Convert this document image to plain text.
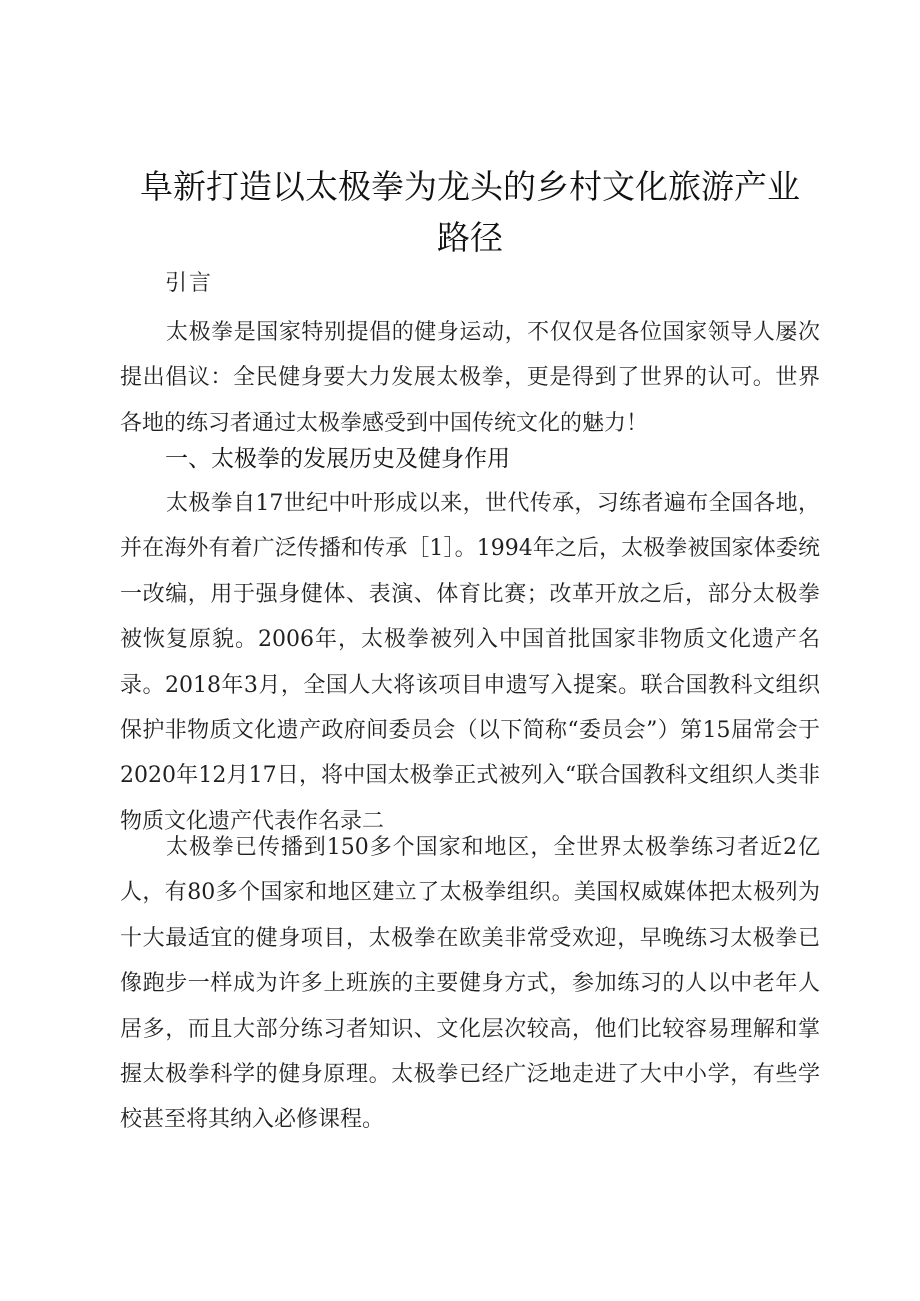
阜新打造以太极拳为龙头的乡村文化旅游产业
路径
引言

太极拳是国家特别提倡的健身运动，不仅仅是各位国家领导人屡次提出倡议：全民健身要大力发展太极拳，更是得到了世界的认可。世界各地的练习者通过太极拳感受到中国传统文化的魅力！

一、太极拳的发展历史及健身作用

太极拳自17世纪中叶形成以来，世代传承，习练者遍布全国各地，并在海外有着广泛传播和传承［1］。1994年之后，太极拳被国家体委统一改编，用于强身健体、表演、体育比赛；改革开放之后，部分太极拳被恢复原貌。2006年，太极拳被列入中国首批国家非物质文化遗产名录。2018年3月，全国人大将该项目申遗写入提案。联合国教科文组织保护非物质文化遗产政府间委员会（以下简称“委员会”）第15届常会于2020年12月17日，将中国太极拳正式被列入“联合国教科文组织人类非物质文化遗产代表作名录二

太极拳已传播到150多个国家和地区，全世界太极拳练习者近2亿人，有80多个国家和地区建立了太极拳组织。美国权威媒体把太极列为十大最适宜的健身项目，太极拳在欧美非常受欢迎，早晚练习太极拳已像跑步一样成为许多上班族的主要健身方式，参加练习的人以中老年人居多，而且大部分练习者知识、文化层次较高，他们比较容易理解和掌握太极拳科学的健身原理。太极拳已经广泛地走进了大中小学，有些学校甚至将其纳入必修课程。
